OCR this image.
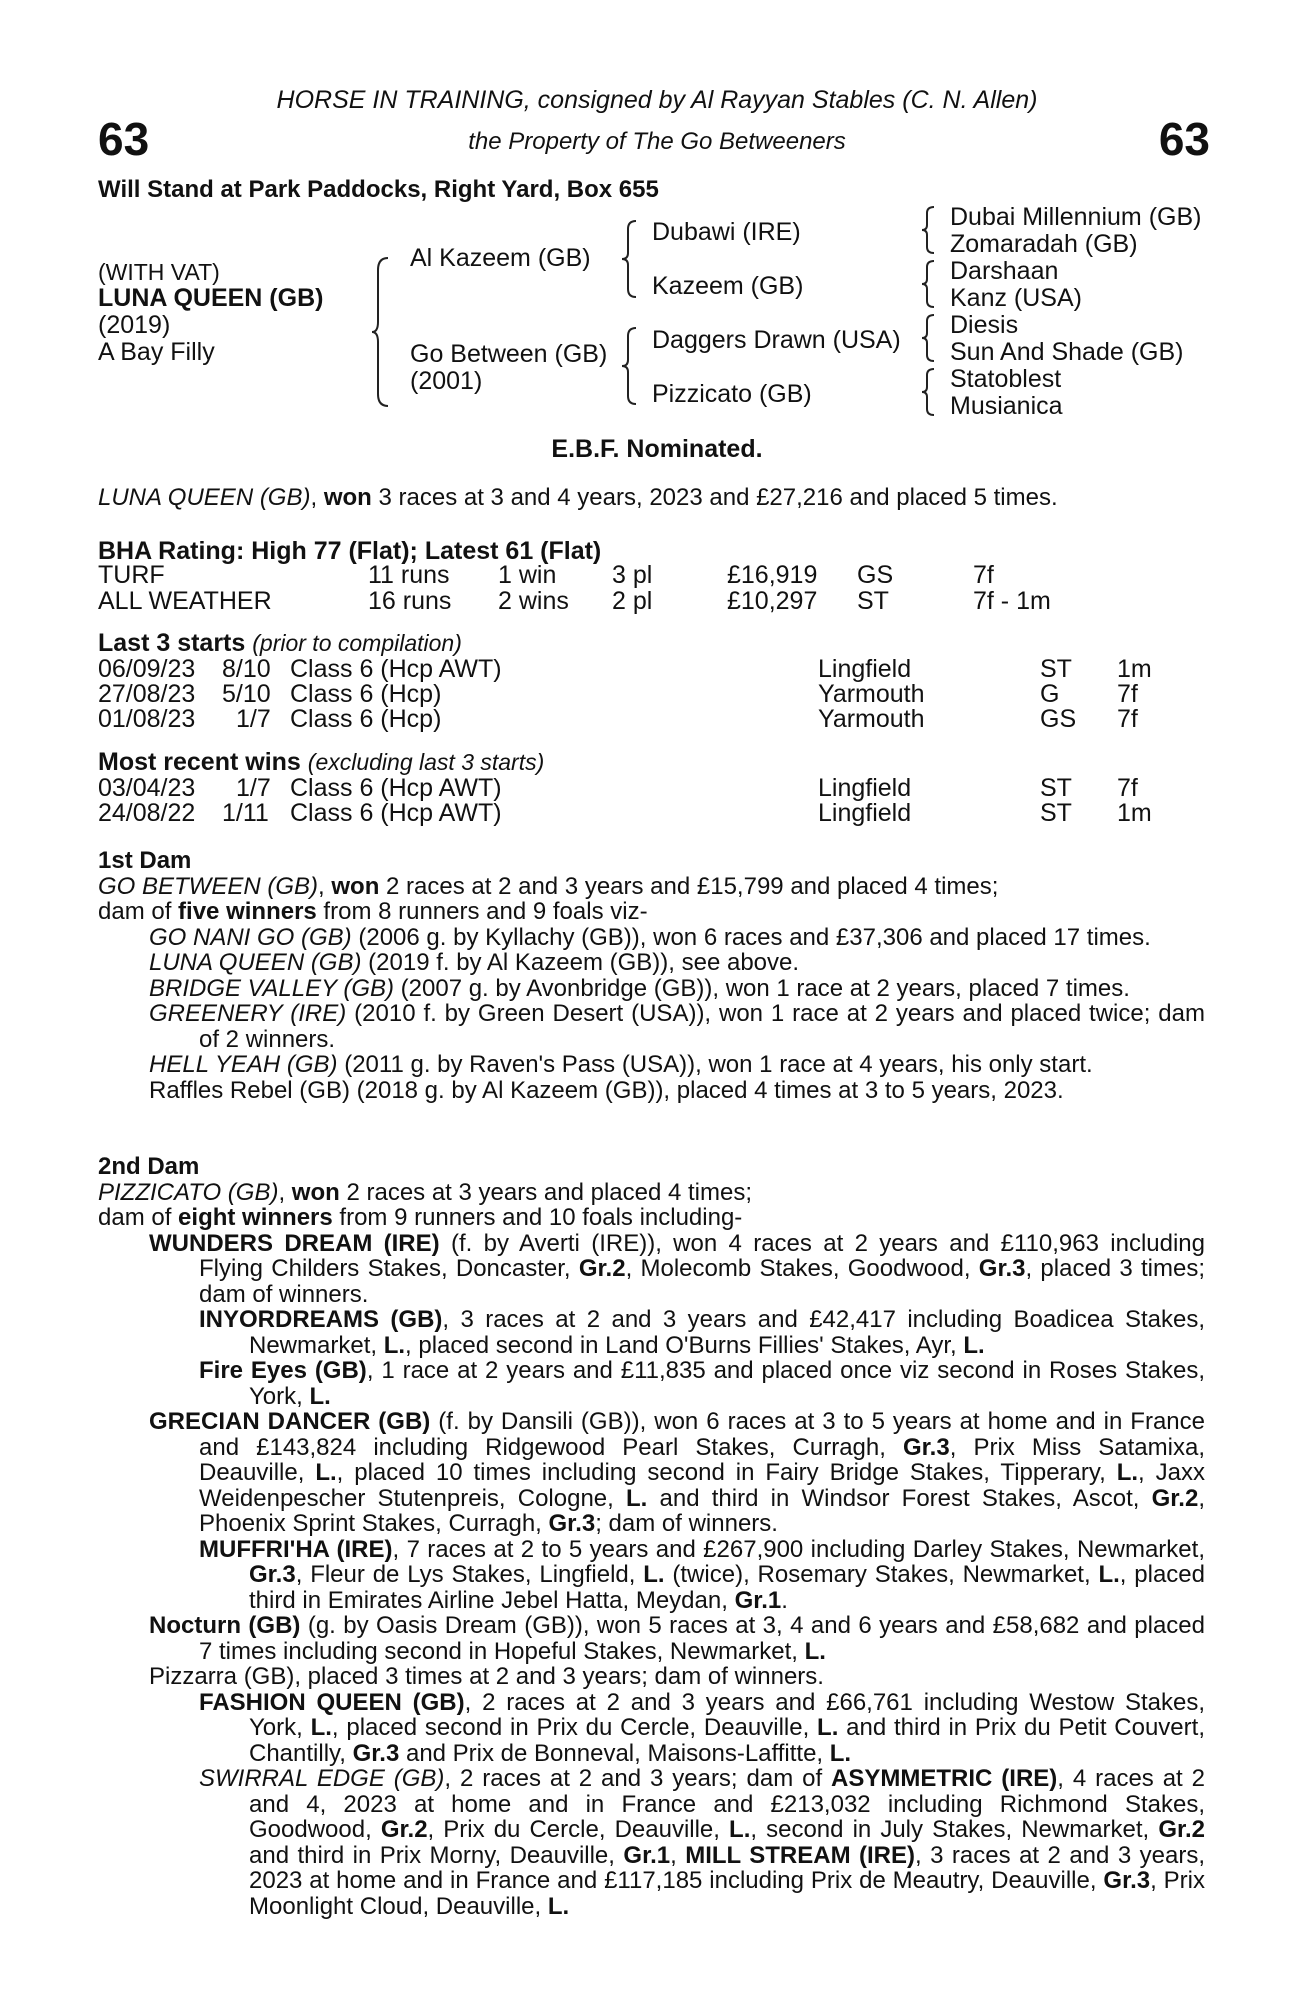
63	63
HORSE IN TRAINING, consigned by Al Rayyan Stables (C. N. Allen)
the Property of The Go Betweeners
Will Stand at Park Paddocks, Right Yard, Box 655
(WITH VAT)
LUNA QUEEN (GB)
(2019)
A Bay Filly
Al Kazeem (GB)
Go Between (GB)
(2001)
Dubawi (IRE)
Kazeem (GB)
Daggers Drawn (USA)
Pizzicato (GB)
Dubai Millennium (GB)
Zomaradah (GB)
Darshaan
Kanz (USA)
Diesis
Sun And Shade (GB)
Statoblest
Musianica
E.B.F. Nominated.
LUNA QUEEN (GB), won 3 races at 3 and 4 years, 2023 and £27,216 and placed 5 times.
BHA Rating: High 77 (Flat); Latest 61 (Flat)
TURF	11 runs 1 win 3 pl	£16,919 GS	7f
ALL WEATHER	16 runs 2 wins 2 pl	£10,297 ST	7f - 1m
Last 3 starts (prior to compilation)
06/09/23 8/10 Class 6 (Hcp AWT)	Lingfield	ST 1m
27/08/23 5/10 Class 6 (Hcp)	Yarmouth	G 7f
01/08/23 1/7 Class 6 (Hcp)	Yarmouth	GS 7f
Most recent wins (excluding last 3 starts)
03/04/23 1/7 Class 6 (Hcp AWT)	Lingfield	ST 7f
24/08/22 1/11 Class 6 (Hcp AWT)	Lingfield	ST 1m

1st Dam

GO BETWEEN (GB), won 2 races at 2 and 3 years and £15,799 and placed 4 times;

dam of five winners from 8 runners and 9 foals viz-

GO NANI GO (GB) (2006 g. by Kyllachy (GB)), won 6 races and £37,306 and placed 17 times.

LUNA QUEEN (GB) (2019 f. by Al Kazeem (GB)), see above.

BRIDGE VALLEY (GB) (2007 g. by Avonbridge (GB)), won 1 race at 2 years, placed 7 times.

GREENERY (IRE) (2010 f. by Green Desert (USA)), won 1 race at 2 years and placed twice; dam of 2 winners.

HELL YEAH (GB) (2011 g. by Raven's Pass (USA)), won 1 race at 4 years, his only start.

Raffles Rebel (GB) (2018 g. by Al Kazeem (GB)), placed 4 times at 3 to 5 years, 2023.

2nd Dam

PIZZICATO (GB), won 2 races at 3 years and placed 4 times;

dam of eight winners from 9 runners and 10 foals including-

WUNDERS DREAM (IRE) (f. by Averti (IRE)), won 4 races at 2 years and £110,963 including Flying Childers Stakes, Doncaster, Gr.2, Molecomb Stakes, Goodwood, Gr.3, placed 3 times; dam of winners.

INYORDREAMS (GB), 3 races at 2 and 3 years and £42,417 including Boadicea Stakes, Newmarket, L., placed second in Land O'Burns Fillies' Stakes, Ayr, L.

Fire Eyes (GB), 1 race at 2 years and £11,835 and placed once viz second in Roses Stakes, York, L.

GRECIAN DANCER (GB) (f. by Dansili (GB)), won 6 races at 3 to 5 years at home and in France and £143,824 including Ridgewood Pearl Stakes, Curragh, Gr.3, Prix Miss Satamixa, Deauville, L., placed 10 times including second in Fairy Bridge Stakes, Tipperary, L., Jaxx Weidenpescher Stutenpreis, Cologne, L. and third in Windsor Forest Stakes, Ascot, Gr.2, Phoenix Sprint Stakes, Curragh, Gr.3; dam of winners.

MUFFRI'HA (IRE), 7 races at 2 to 5 years and £267,900 including Darley Stakes, Newmarket, Gr.3, Fleur de Lys Stakes, Lingfield, L. (twice), Rosemary Stakes, Newmarket, L., placed third in Emirates Airline Jebel Hatta, Meydan, Gr.1.

Nocturn (GB) (g. by Oasis Dream (GB)), won 5 races at 3, 4 and 6 years and £58,682 and placed 7 times including second in Hopeful Stakes, Newmarket, L.

Pizzarra (GB), placed 3 times at 2 and 3 years; dam of winners.

FASHION QUEEN (GB), 2 races at 2 and 3 years and £66,761 including Westow Stakes, York, L., placed second in Prix du Cercle, Deauville, L. and third in Prix du Petit Couvert, Chantilly, Gr.3 and Prix de Bonneval, Maisons-Laffitte, L.

SWIRRAL EDGE (GB), 2 races at 2 and 3 years; dam of ASYMMETRIC (IRE), 4 races at 2 and 4, 2023 at home and in France and £213,032 including Richmond Stakes, Goodwood, Gr.2, Prix du Cercle, Deauville, L., second in July Stakes, Newmarket, Gr.2 and third in Prix Morny, Deauville, Gr.1, MILL STREAM (IRE), 3 races at 2 and 3 years, 2023 at home and in France and £117,185 including Prix de Meautry, Deauville, Gr.3, Prix Moonlight Cloud, Deauville, L.
